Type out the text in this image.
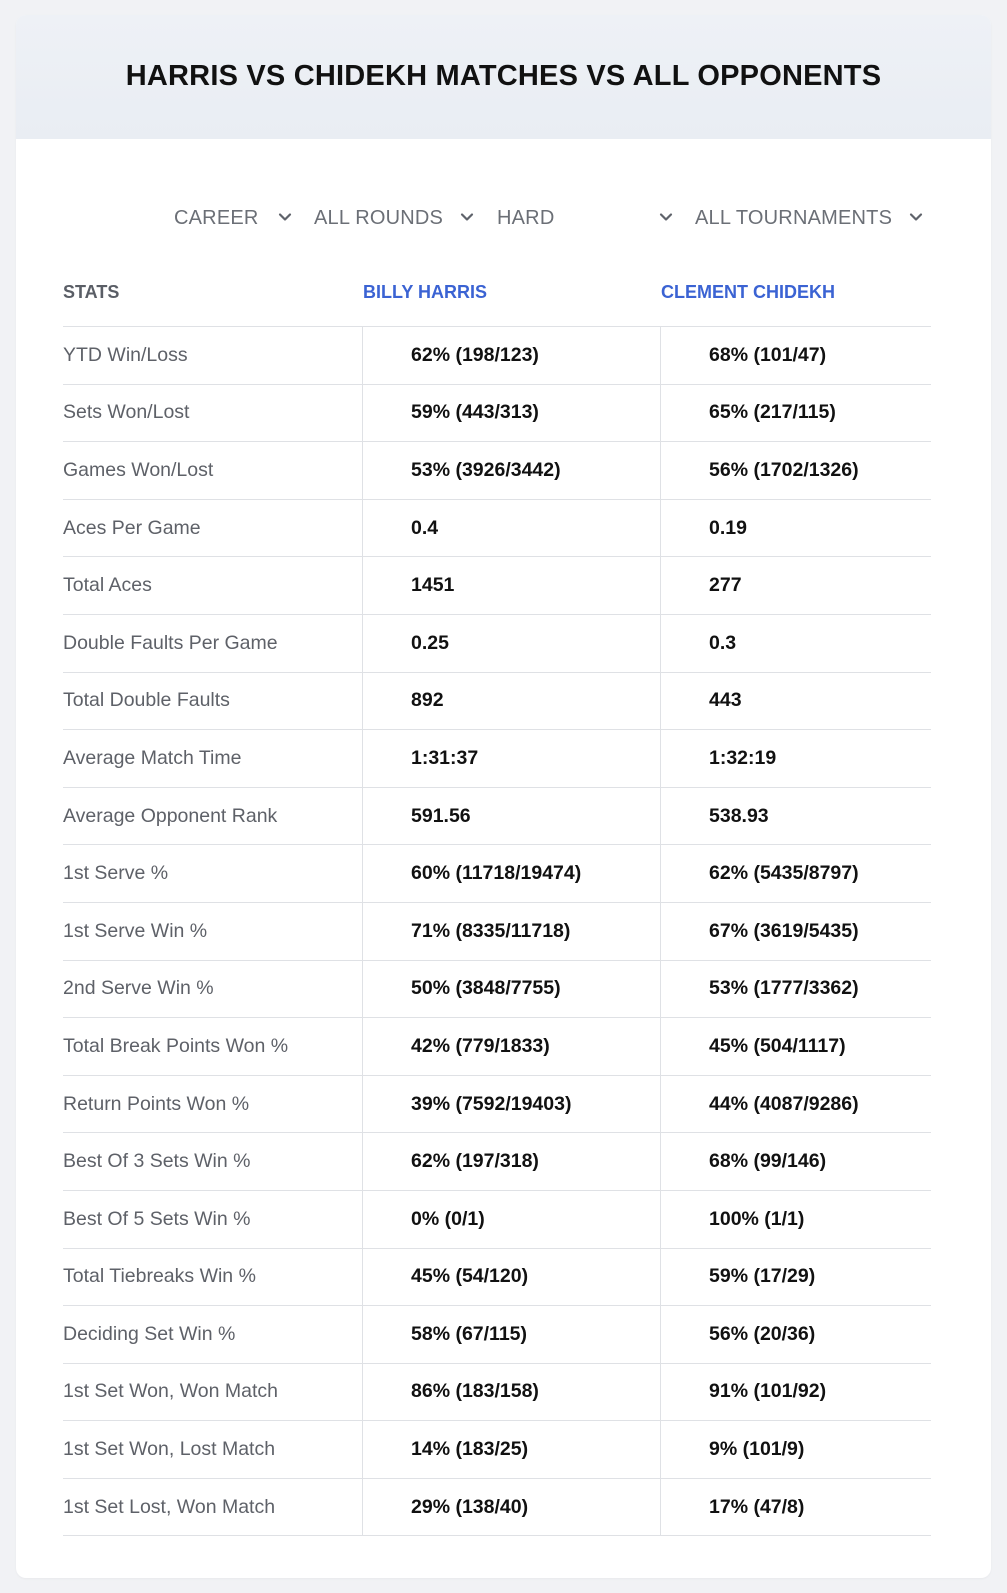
HARRIS VS CHIDEKH MATCHES VS ALL OPPONENTS
CAREER	ALL ROUNDS	HARD	ALL TOURNAMENTS
STATS	BILLY HARRIS	CLEMENT CHIDEKH
YTD Win/Loss	62% (198/123)	68% (101/47)
Sets Won/Lost	59% (443/313)	65% (217/115)
Games Won/Lost	53% (3926/3442)	56% (1702/1326)
Aces Per Game	0.4	0.19
Total Aces	1451	277
Double Faults Per Game	0.25	0.3
Total Double Faults	892	443
Average Match Time	1:31:37	1:32:19
Average Opponent Rank	591.56	538.93
1st Serve %	60% (11718/19474)	62% (5435/8797)
1st Serve Win %	71% (8335/11718)	67% (3619/5435)
2nd Serve Win %	50% (3848/7755)	53% (1777/3362)
Total Break Points Won %	42% (779/1833)	45% (504/1117)
Return Points Won %	39% (7592/19403)	44% (4087/9286)
Best Of 3 Sets Win %	62% (197/318)	68% (99/146)
Best Of 5 Sets Win %	0% (0/1)	100% (1/1)
Total Tiebreaks Win %	45% (54/120)	59% (17/29)
Deciding Set Win %	58% (67/115)	56% (20/36)
1st Set Won, Won Match	86% (183/158)	91% (101/92)
1st Set Won, Lost Match	14% (183/25)	9% (101/9)
1st Set Lost, Won Match	29% (138/40)	17% (47/8)
